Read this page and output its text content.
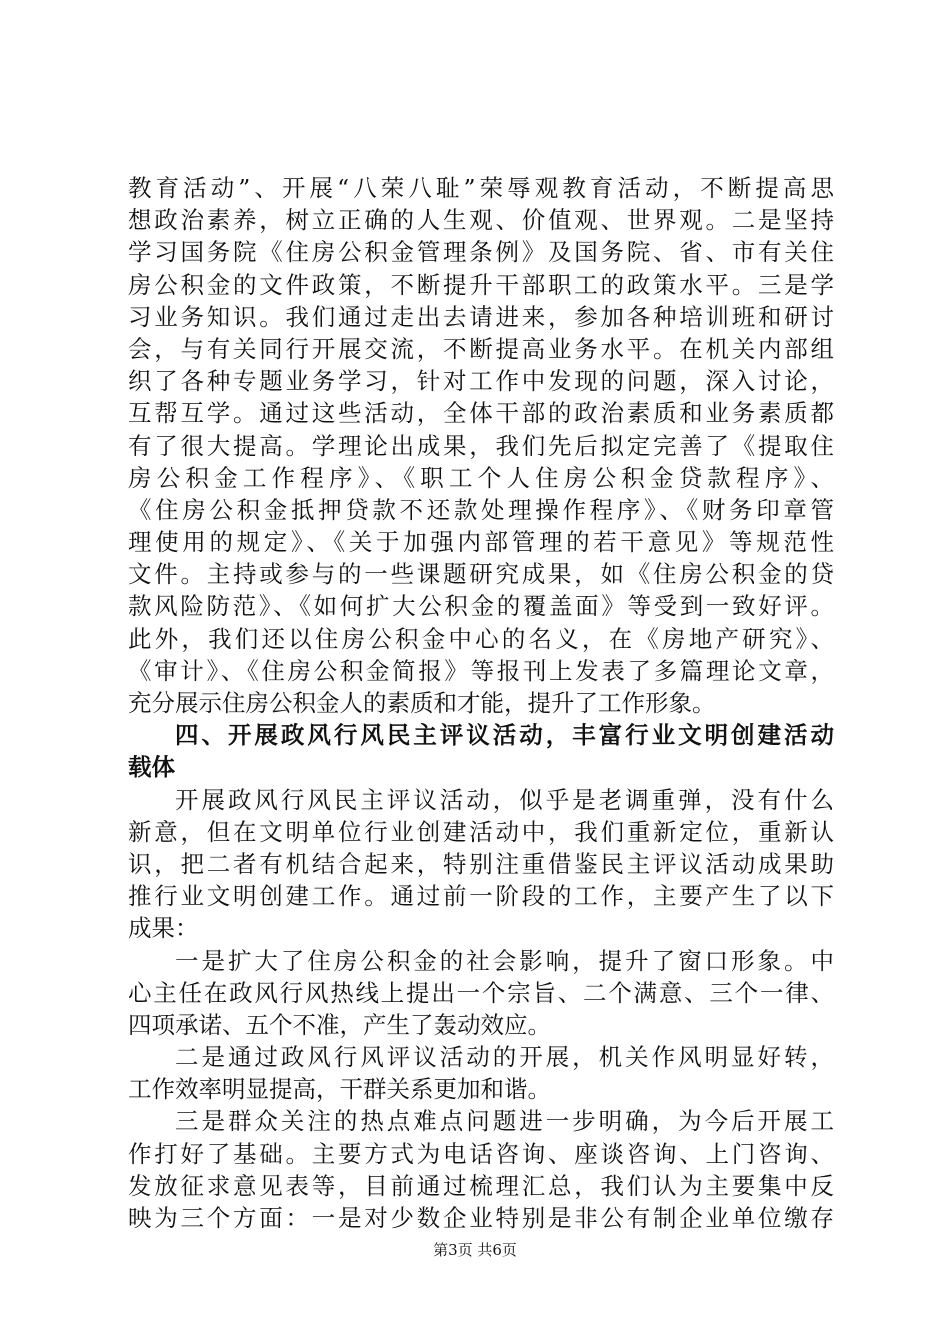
教育活动”、开展“八荣八耻”荣辱观教育活动，不断提高思
想政治素养，树立正确的人生观、价值观、世界观。二是坚持
学习国务院《住房公积金管理条例》及国务院、省、市有关住
房公积金的文件政策，不断提升干部职工的政策水平。三是学
习业务知识。我们通过走出去请进来，参加各种培训班和研讨
会，与有关同行开展交流，不断提高业务水平。在机关内部组
织了各种专题业务学习，针对工作中发现的问题，深入讨论，
互帮互学。通过这些活动，全体干部的政治素质和业务素质都
有了很大提高。学理论出成果，我们先后拟定完善了《提取住
房公积金工作程序》、《职工个人住房公积金贷款程序》、
《住房公积金抵押贷款不还款处理操作程序》、《财务印章管
理使用的规定》、《关于加强内部管理的若干意见》等规范性
文件。主持或参与的一些课题研究成果，如《住房公积金的贷
款风险防范》、《如何扩大公积金的覆盖面》等受到一致好评。
此外，我们还以住房公积金中心的名义，在《房地产研究》、
《审计》、《住房公积金简报》等报刊上发表了多篇理论文章，
充分展示住房公积金人的素质和才能，提升了工作形象。
四、开展政风行风民主评议活动，丰富行业文明创建活动
载体
开展政风行风民主评议活动，似乎是老调重弹，没有什么
新意，但在文明单位行业创建活动中，我们重新定位，重新认
识，把二者有机结合起来，特别注重借鉴民主评议活动成果助
推行业文明创建工作。通过前一阶段的工作，主要产生了以下
成果：
一是扩大了住房公积金的社会影响，提升了窗口形象。中
心主任在政风行风热线上提出一个宗旨、二个满意、三个一律、
四项承诺、五个不准，产生了轰动效应。
二是通过政风行风评议活动的开展，机关作风明显好转，
工作效率明显提高，干群关系更加和谐。
三是群众关注的热点难点问题进一步明确，为今后开展工
作打好了基础。主要方式为电话咨询、座谈咨询、上门咨询、
发放征求意见表等，目前通过梳理汇总，我们认为主要集中反
映为三个方面：一是对少数企业特别是非公有制企业单位缴存
第3页 共6页
